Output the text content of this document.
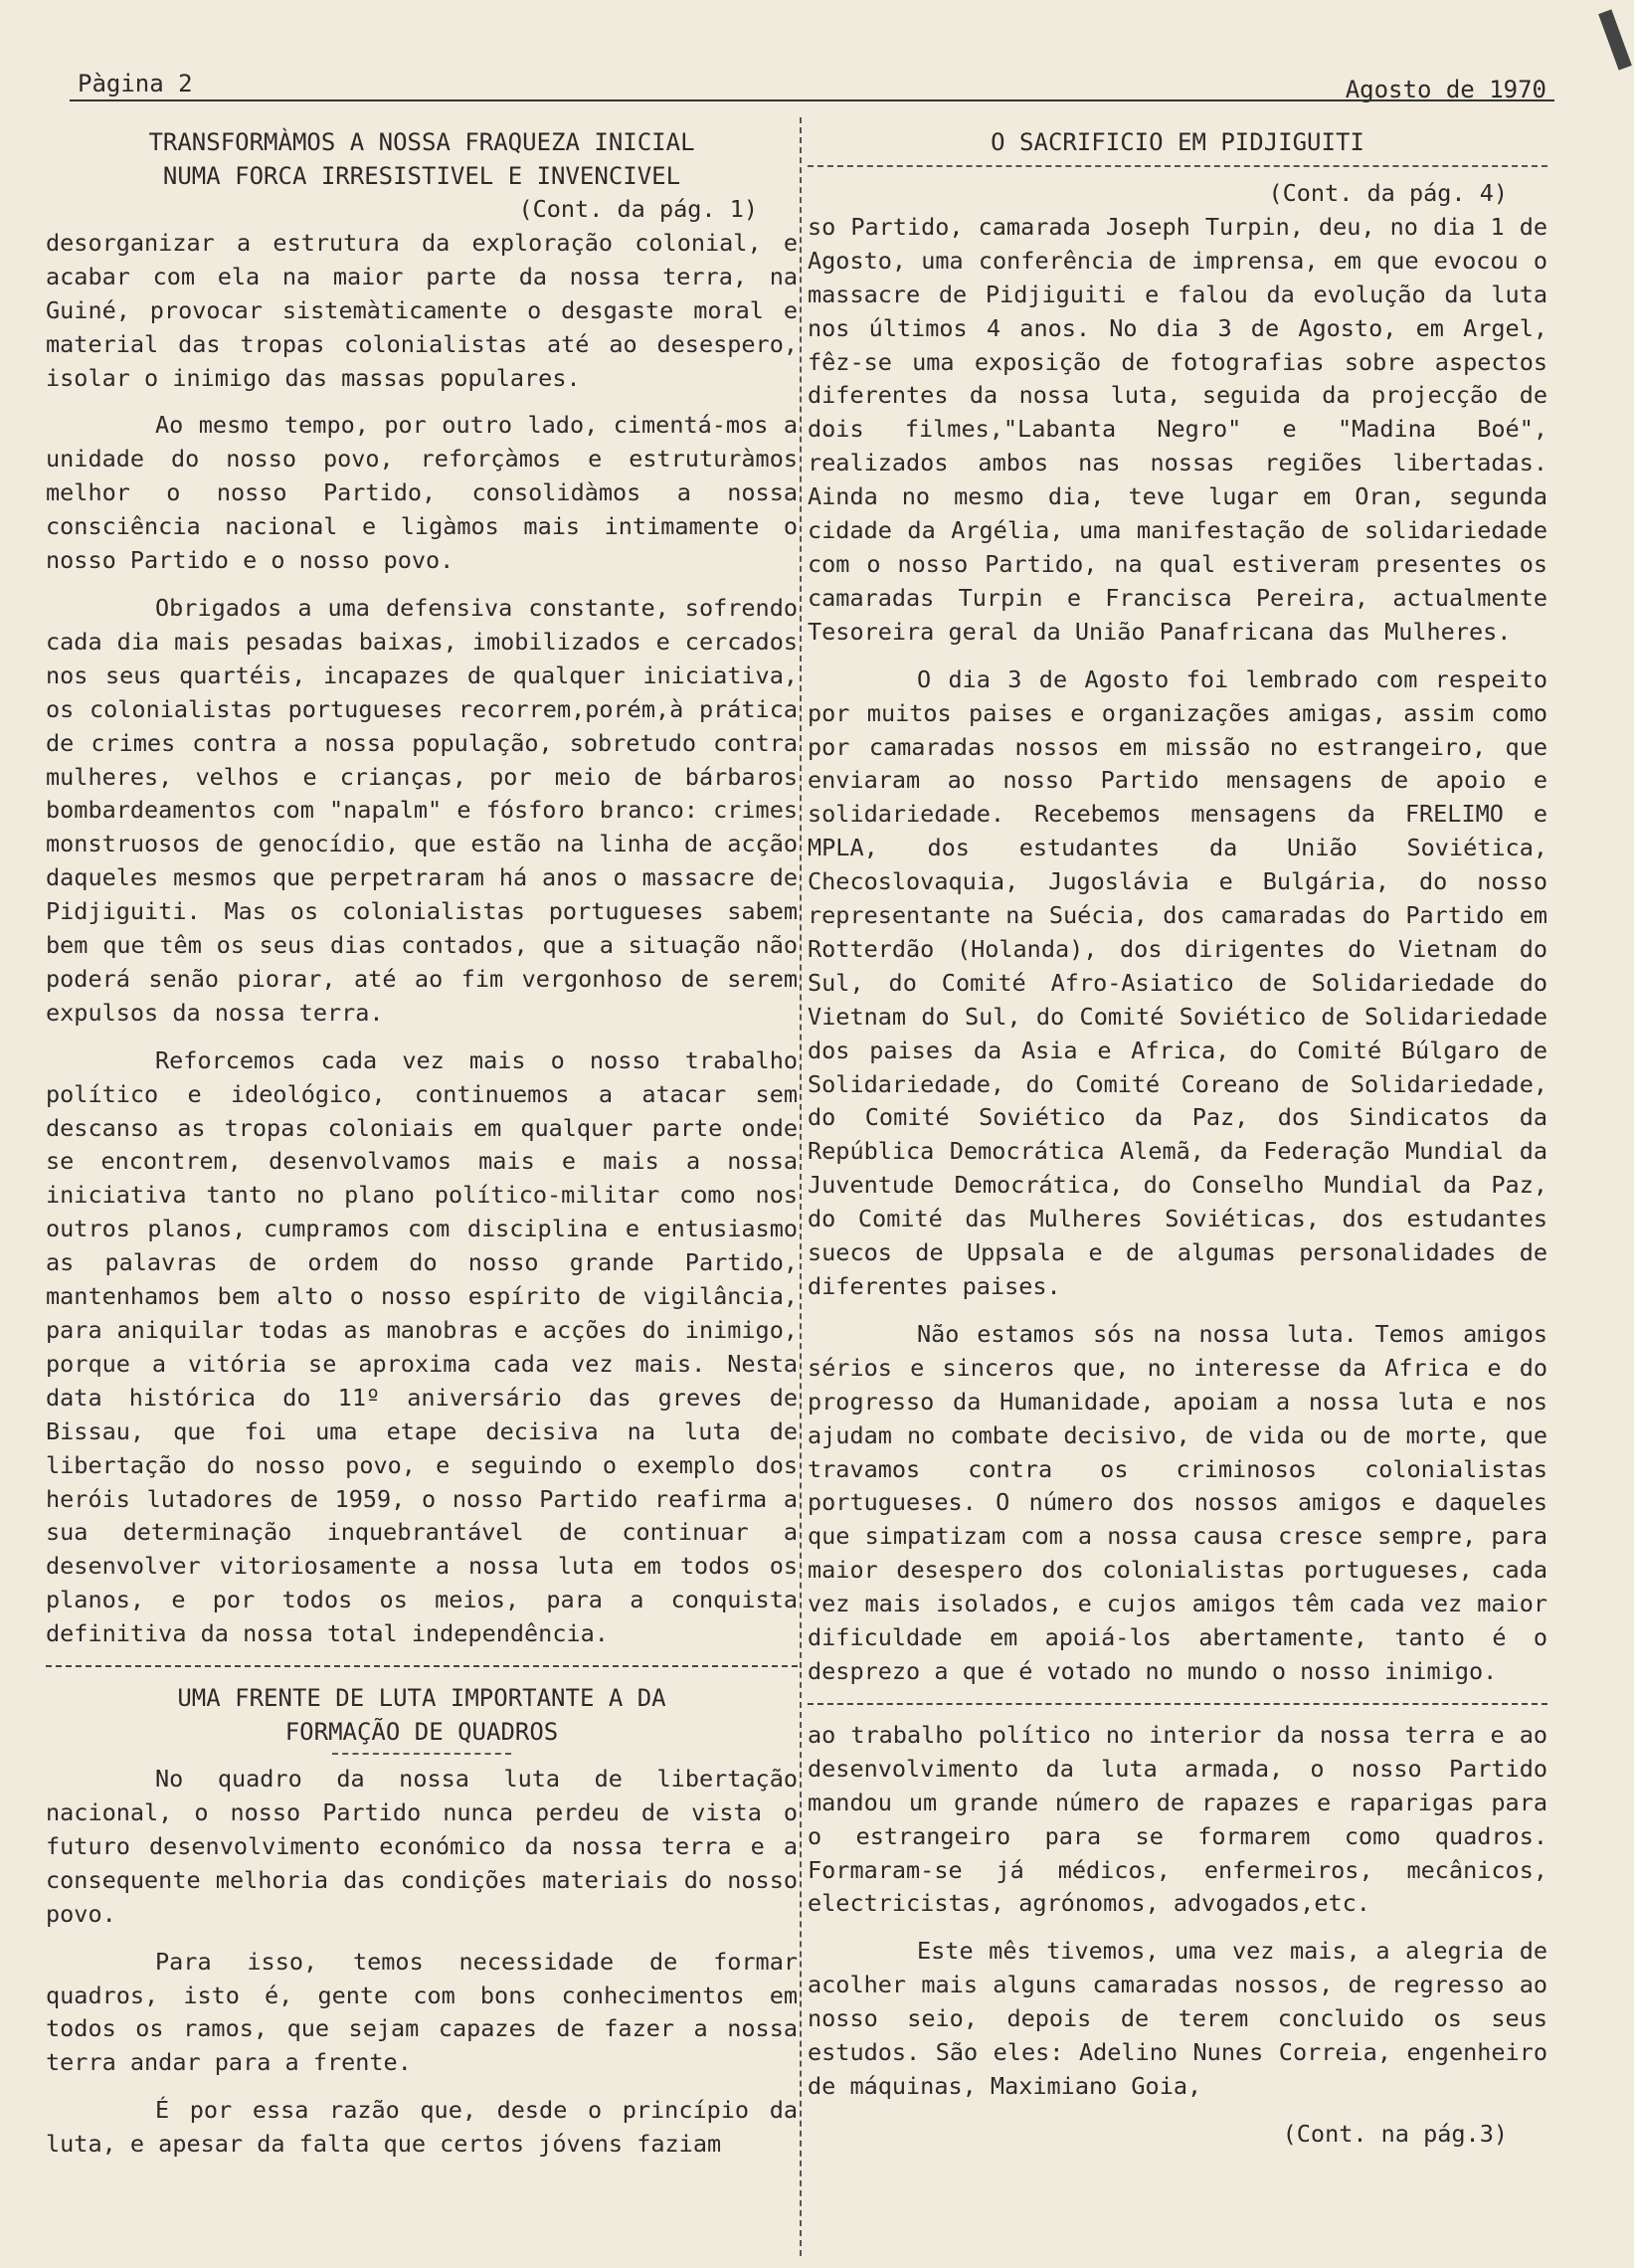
Pàgina 2	Agosto de 1970
TRANSFORMÀMOS A NOSSA FRAQUEZA INICIAL
NUMA FORCA IRRESISTIVEL E INVENCIVEL

(Cont. da pág. 1)

desorganizar a estrutura da exploração colonial, e acabar com ela na maior parte da nossa terra, na Guiné, provocar sistemàticamente o desgaste moral e material das tropas colonialistas até ao desespero, isolar o inimigo das massas populares.

Ao mesmo tempo, por outro lado, cimentá-mos a unidade do nosso povo, reforçàmos e estruturàmos melhor o nosso Partido, consolidàmos a nossa consciência nacional e ligàmos mais intimamente o nosso Partido e o nosso povo.

Obrigados a uma defensiva constante, sofrendo cada dia mais pesadas baixas, imobilizados e cercados nos seus quartéis, incapazes de qualquer iniciativa, os colonialistas portugueses recorrem,porém,à prática de crimes contra a nossa população, sobretudo contra mulheres, velhos e crianças, por meio de bárbaros bombardeamentos com "napalm" e fósforo branco: crimes monstruosos de genocídio, que estão na linha de acção daqueles mesmos que perpetraram há anos o massacre de Pidjiguiti. Mas os colonialistas portugueses sabem bem que têm os seus dias contados, que a situação não poderá senão piorar, até ao fim vergonhoso de serem expulsos da nossa terra.

Reforcemos cada vez mais o nosso trabalho político e ideológico, continuemos a atacar sem descanso as tropas coloniais em qualquer parte onde se encontrem, desenvolvamos mais e mais a nossa iniciativa tanto no plano político-militar como nos outros planos, cumpramos com disciplina e entusiasmo as palavras de ordem do nosso grande Partido, mantenhamos bem alto o nosso espírito de vigilância, para aniquilar todas as manobras e acções do inimigo, porque a vitória se aproxima cada vez mais. Nesta data histórica do 11º aniversário das greves de Bissau, que foi uma etape decisiva na luta de libertação do nosso povo, e seguindo o exemplo dos heróis lutadores de 1959, o nosso Partido reafirma a sua determinação inquebrantável de continuar a desenvolver vitoriosamente a nossa luta em todos os planos, e por todos os meios, para a conquista definitiva da nossa total independência.

UMA FRENTE DE LUTA IMPORTANTE A DA
FORMAÇÃO DE QUADROS

No quadro da nossa luta de libertação nacional, o nosso Partido nunca perdeu de vista o futuro desenvolvimento económico da nossa terra e a consequente melhoria das condições materiais do nosso povo.

Para isso, temos necessidade de formar quadros, isto é, gente com bons conhecimentos em todos os ramos, que sejam capazes de fazer a nossa terra andar para a frente.

É por essa razão que, desde o princípio da luta, e apesar da falta que certos jóvens faziam

O SACRIFICIO EM PIDJIGUITI

(Cont. da pág. 4)

so Partido, camarada Joseph Turpin, deu, no dia 1 de Agosto, uma conferência de imprensa, em que evocou o massacre de Pidjiguiti e falou da evolução da luta nos últimos 4 anos. No dia 3 de Agosto, em Argel, fêz-se uma exposição de fotografias sobre aspectos diferentes da nossa luta, seguida da projecção de dois filmes,"Labanta Negro" e "Madina Boé", realizados ambos nas nossas regiões libertadas. Ainda no mesmo dia, teve lugar em Oran, segunda cidade da Argélia, uma manifestação de solidariedade com o nosso Partido, na qual estiveram presentes os camaradas Turpin e Francisca Pereira, actualmente Tesoreira geral da União Panafricana das Mulheres.

O dia 3 de Agosto foi lembrado com respeito por muitos paises e organizações amigas, assim como por camaradas nossos em missão no estrangeiro, que enviaram ao nosso Partido mensagens de apoio e solidariedade. Recebemos mensagens da FRELIMO e MPLA, dos estudantes da União Soviética, Checoslovaquia, Jugoslávia e Bulgária, do nosso representante na Suécia, dos camaradas do Partido em Rotterdão (Holanda), dos dirigentes do Vietnam do Sul, do Comité Afro-Asiatico de Solidariedade do Vietnam do Sul, do Comité Soviético de Solidariedade dos paises da Asia e Africa, do Comité Búlgaro de Solidariedade, do Comité Coreano de Solidariedade, do Comité Soviético da Paz, dos Sindicatos da República Democrática Alemã, da Federação Mundial da Juventude Democrática, do Conselho Mundial da Paz, do Comité das Mulheres Soviéticas, dos estudantes suecos de Uppsala e de algumas personalidades de diferentes paises.

Não estamos sós na nossa luta. Temos amigos sérios e sinceros que, no interesse da Africa e do progresso da Humanidade, apoiam a nossa luta e nos ajudam no combate decisivo, de vida ou de morte, que travamos contra os criminosos colonialistas portugueses. O número dos nossos amigos e daqueles que simpatizam com a nossa causa cresce sempre, para maior desespero dos colonialistas portugueses, cada vez mais isolados, e cujos amigos têm cada vez maior dificuldade em apoiá-los abertamente, tanto é o desprezo a que é votado no mundo o nosso inimigo.

ao trabalho político no interior da nossa terra e ao desenvolvimento da luta armada, o nosso Partido mandou um grande número de rapazes e raparigas para o estrangeiro para se formarem como quadros. Formaram-se já médicos, enfermeiros, mecânicos, electricistas, agrónomos, advogados,etc.

Este mês tivemos, uma vez mais, a alegria de acolher mais alguns camaradas nossos, de regresso ao nosso seio, depois de terem concluido os seus estudos. São eles: Adelino Nunes Correia, engenheiro de máquinas, Maximiano Goia,

(Cont. na pág.3)
